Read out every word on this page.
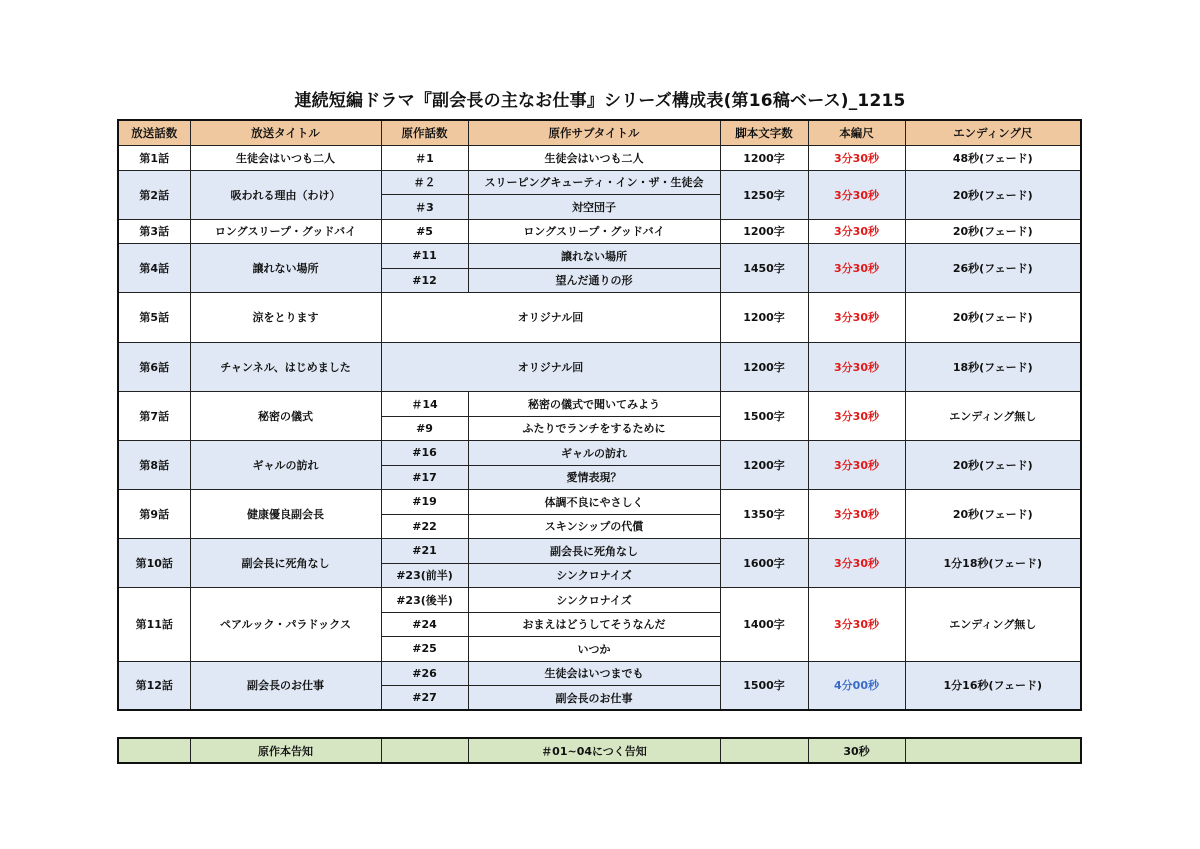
連続短編ドラマ『副会長の主なお仕事』シリーズ構成表(第16稿ベース)_1215
放送話数	放送タイトル	原作話数	原作サブタイトル	脚本文字数	本編尺	エンディング尺
第1話	生徒会はいつも二人	＃1	生徒会はいつも二人	1200字	3分30秒	48秒(フェード)
第2話	吸われる理由（わけ）	＃２	スリーピングキューティ・イン・ザ・生徒会	1250字	3分30秒	20秒(フェード)
		＃3	対空団子			
第3話	ロングスリープ・グッドバイ	#5	ロングスリープ・グッドバイ	1200字	3分30秒	20秒(フェード)
第4話	譲れない場所	#11	譲れない場所	1450字	3分30秒	26秒(フェード)
		#12	望んだ通りの形			
第5話	涼をとります	オリジナル回		1200字	3分30秒	20秒(フェード)
第6話	チャンネル、はじめました	オリジナル回		1200字	3分30秒	18秒(フェード)
第7話	秘密の儀式	＃14	秘密の儀式で聞いてみよう	1500字	3分30秒	エンディング無し
		#9	ふたりでランチをするために			
第8話	ギャルの訪れ	#16	ギャルの訪れ	1200字	3分30秒	20秒(フェード)
		#17	愛情表現？			
第9話	健康優良副会長	#19	体調不良にやさしく	1350字	3分30秒	20秒(フェード)
		#22	スキンシップの代償			
第10話	副会長に死角なし	#21	副会長に死角なし	1600字	3分30秒	1分18秒(フェード)
		#23(前半)	シンクロナイズ			
第11話	ペアルック・パラドックス	#23(後半)	シンクロナイズ	1400字	3分30秒	エンディング無し
		#24	おまえはどうしてそうなんだ			
		#25	いつか			
第12話	副会長のお仕事	#26	生徒会はいつまでも	1500字	4分00秒	1分16秒(フェード)
		#27	副会長のお仕事			
	原作本告知		＃01~04につく告知		30秒	
